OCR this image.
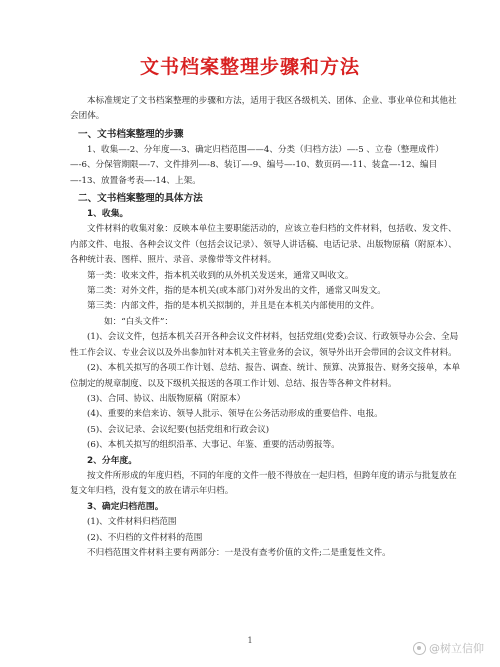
文书档案整理步骤和方法

本标准规定了文书档案整理的步骤和方法，适用于我区各级机关、团体、企业、事业单位和其他社会团体。

一、文书档案整理的步骤

1、收集—-2、分年度—-3、确定归档范围——4、分类（归档方法）—-5 、立卷（整理成件）—-6、分保管期限—-7、文件排列—-8、装订—-9、编号—-10、数页码—-11、装盒—-12、编目—-13、放置备考表—-14、上架。

二、文书档案整理的具体方法

1、收集。

文件材料的收集对象：反映本单位主要职能活动的，应该立卷归档的文件材料，包括收、发文件、内部文件、电报、各种会议文件（包括会议记录）、领导人讲话稿、电话记录、出版物原稿（附原本）、各种统计表、图样、照片、录音、录像带等文件材料。

第一类：收来文件，指本机关收到的从外机关发送来，通常又叫收文。

第二类：对外文件，指的是本机关(或本部门)对外发出的文件，通常又叫发文。

第三类：内部文件，指的是本机关拟制的，并且是在本机关内部使用的文件。

如：“白头文件”：

(1)、会议文件，包括本机关召开各种会议文件材料，包括党组(党委)会议、行政领导办公会、全局性工作会议、专业会议以及外出参加针对本机关主管业务的会议，领导外出开会带回的会议文件材料。

(2)、本机关拟写的各项工作计划、总结、报告、调查、统计、预算、决算报告、财务交接单，本单位制定的规章制度、以及下级机关报送的各项工作计划、总结、报告等各种文件材料。

(3)、合同、协议、出版物原稿（附原本）

(4)、重要的来信来访、领导人批示、领导在公务活动形成的重要信件、电报。

(5)、会议记录、会议纪要(包括党组和行政会议)

(6)、本机关拟写的组织沿革、大事记、年鉴、重要的活动剪报等。

2、分年度。

按文件所形成的年度归档，不同的年度的文件一般不得放在一起归档，但跨年度的请示与批复放在复文年归档，没有复文的放在请示年归档。

3、确定归档范围。

(1)、文件材料归档范围

(2)、不归档的文件材料的范围

不归档范围文件材料主要有两部分：一是没有查考价值的文件;二是重复性文件。

1
@树立信仰
